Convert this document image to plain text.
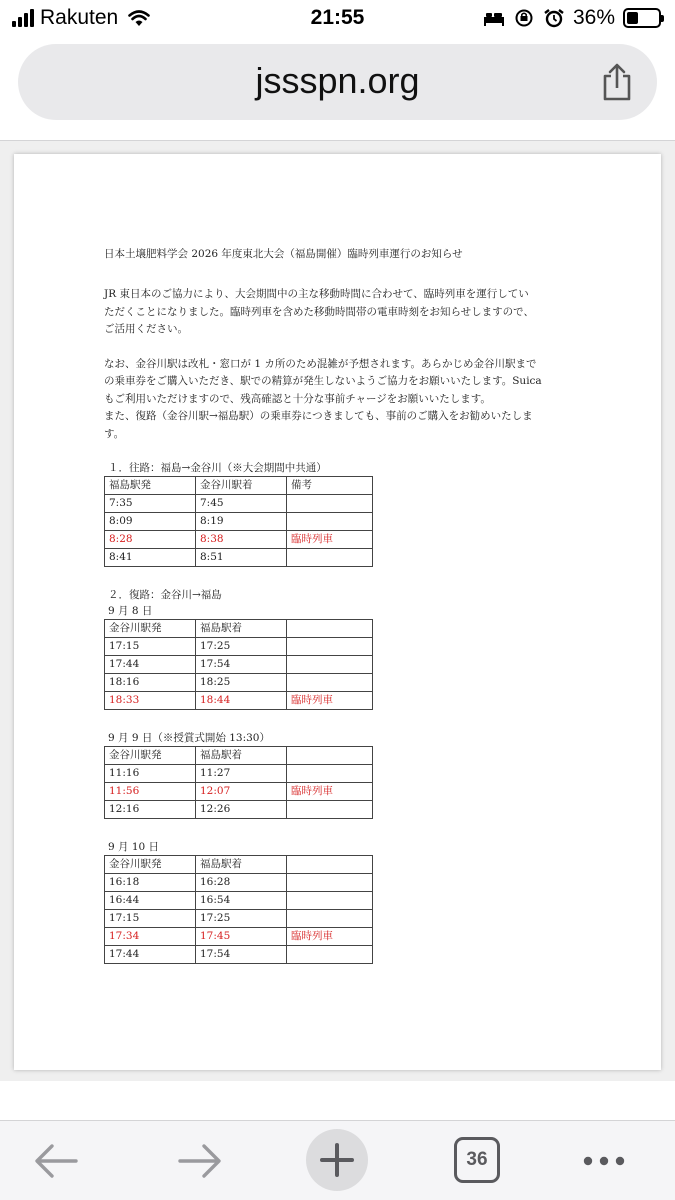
Rakuten	21:55	36%
jssspn.org
日本土壌肥料学会 2026 年度東北大会（福島開催）臨時列車運行のお知らせ

JR 東日本のご協力により、大会期間中の主な移動時間に合わせて、臨時列車を運行してい
ただくことになりました。臨時列車を含めた移動時間帯の電車時刻をお知らせしますので、
ご活用ください。

なお、金谷川駅は改札・窓口が 1 カ所のため混雑が予想されます。あらかじめ金谷川駅まで
の乗車券をご購入いただき、駅での精算が発生しないようご協力をお願いいたします。Suica
もご利用いただけますので、残高確認と十分な事前チャージをお願いいたします。
また、復路（金谷川駅→福島駅）の乗車券につきましても、事前のご購入をお勧めいたしま
す。

１．往路：福島→金谷川（※大会期間中共通）
福島駅発	金谷川駅着	備考
7:35	7:45	
8:09	8:19	
8:28	8:38	臨時列車
8:41	8:51	
２．復路：金谷川→福島
9 月 8 日
金谷川駅発	福島駅着	
17:15	17:25	
17:44	17:54	
18:16	18:25	
18:33	18:44	臨時列車
9 月 9 日（※授賞式開始 13:30）
金谷川駅発	福島駅着	
11:16	11:27	
11:56	12:07	臨時列車
12:16	12:26	
9 月 10 日
金谷川駅発	福島駅着	
16:18	16:28	
16:44	16:54	
17:15	17:25	
17:34	17:45	臨時列車
17:44	17:54	
36
